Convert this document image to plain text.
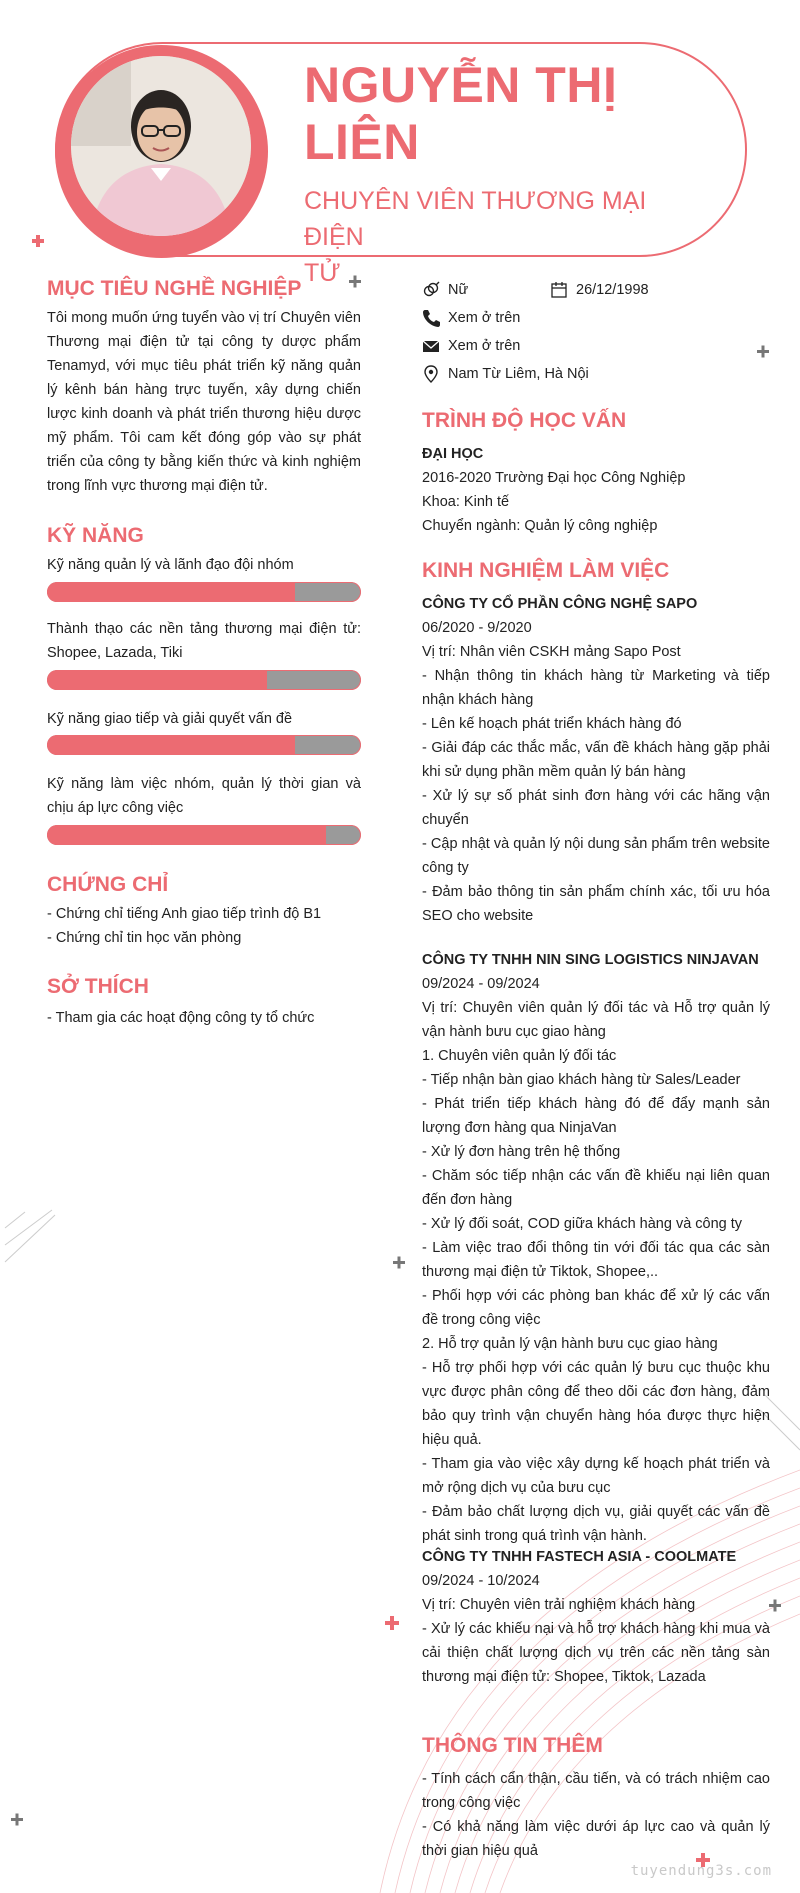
NGUYỄN THỊ
LIÊN
CHUYÊN VIÊN THƯƠNG MẠI ĐIỆN
TỬ
MỤC TIÊU NGHỀ NGHIỆP

Tôi mong muốn ứng tuyển vào vị trí Chuyên viên Thương mại điện tử tại công ty dược phẩm Tenamyd, với mục tiêu phát triển kỹ năng quản lý kênh bán hàng trực tuyến, xây dựng chiến lược kinh doanh và phát triển thương hiệu dược mỹ phẩm. Tôi cam kết đóng góp vào sự phát triển của công ty bằng kiến thức và kinh nghiệm trong lĩnh vực thương mại điện tử.

KỸ NĂNG

Kỹ năng quản lý và lãnh đạo đội nhóm

Thành thạo các nền tảng thương mại điện tử: Shopee, Lazada, Tiki

Kỹ năng giao tiếp và giải quyết vấn đề

Kỹ năng làm việc nhóm, quản lý thời gian và chịu áp lực công việc

CHỨNG CHỈ

- Chứng chỉ tiếng Anh giao tiếp trình độ B1

- Chứng chỉ tin học văn phòng

SỞ THÍCH

- Tham gia các hoạt động công ty tổ chức

Nữ	26/12/1998
Xem ở trên
Xem ở trên
Nam Từ Liêm, Hà Nội
TRÌNH ĐỘ HỌC VẤN

ĐẠI HỌC

2016-2020 Trường Đại học Công Nghiệp

Khoa: Kinh tế

Chuyển ngành: Quản lý công nghiệp

KINH NGHIỆM LÀM VIỆC

CÔNG TY CỔ PHẦN CÔNG NGHỆ SAPO

06/2020 - 9/2020

Vị trí: Nhân viên CSKH mảng Sapo Post

- Nhận thông tin khách hàng từ Marketing và tiếp nhận khách hàng

- Lên kế hoạch phát triển khách hàng đó

- Giải đáp các thắc mắc, vấn đề khách hàng gặp phải khi sử dụng phần mềm quản lý bán hàng

- Xử lý sự số phát sinh đơn hàng với các hãng vận chuyển

- Cập nhật và quản lý nội dung sản phẩm trên website công ty

- Đảm bảo thông tin sản phẩm chính xác, tối ưu hóa SEO cho website

CÔNG TY TNHH NIN SING LOGISTICS NINJAVAN

09/2024 - 09/2024

Vị trí: Chuyên viên quản lý đối tác và Hỗ trợ quản lý vận hành bưu cục giao hàng

1. Chuyên viên quản lý đối tác

- Tiếp nhận bàn giao khách hàng từ Sales/Leader

- Phát triển tiếp khách hàng đó để đẩy mạnh sản lượng đơn hàng qua NinjaVan

- Xử lý đơn hàng trên hệ thống

- Chăm sóc tiếp nhận các vấn đề khiếu nại liên quan đến đơn hàng

- Xử lý đối soát, COD giữa khách hàng và công ty

- Làm việc trao đổi thông tin với đối tác qua các sàn thương mại điện tử Tiktok, Shopee,..

- Phối hợp với các phòng ban khác để xử lý các vấn đề trong công việc

2. Hỗ trợ quản lý vận hành bưu cục giao hàng

- Hỗ trợ phối hợp với các quản lý bưu cục thuộc khu vực được phân công để theo dõi các đơn hàng, đảm bảo quy trình vận chuyển hàng hóa được thực hiện hiệu quả.

- Tham gia vào việc xây dựng kế hoạch phát triển và mở rộng dịch vụ của bưu cục

- Đảm bảo chất lượng dịch vụ, giải quyết các vấn đề phát sinh trong quá trình vận hành.

CÔNG TY TNHH FASTECH ASIA - COOLMATE

09/2024 - 10/2024

Vị trí: Chuyên viên trải nghiệm khách hàng

- Xử lý các khiếu nại và hỗ trợ khách hàng khi mua và cải thiện chất lượng dịch vụ trên các nền tảng sàn thương mại điện tử: Shopee, Tiktok, Lazada

THÔNG TIN THÊM

- Tính cách cẩn thận, cầu tiến, và có trách nhiệm cao trong công việc

- Có khả năng làm việc dưới áp lực cao và quản lý thời gian hiệu quả

tuyendung3s.com
